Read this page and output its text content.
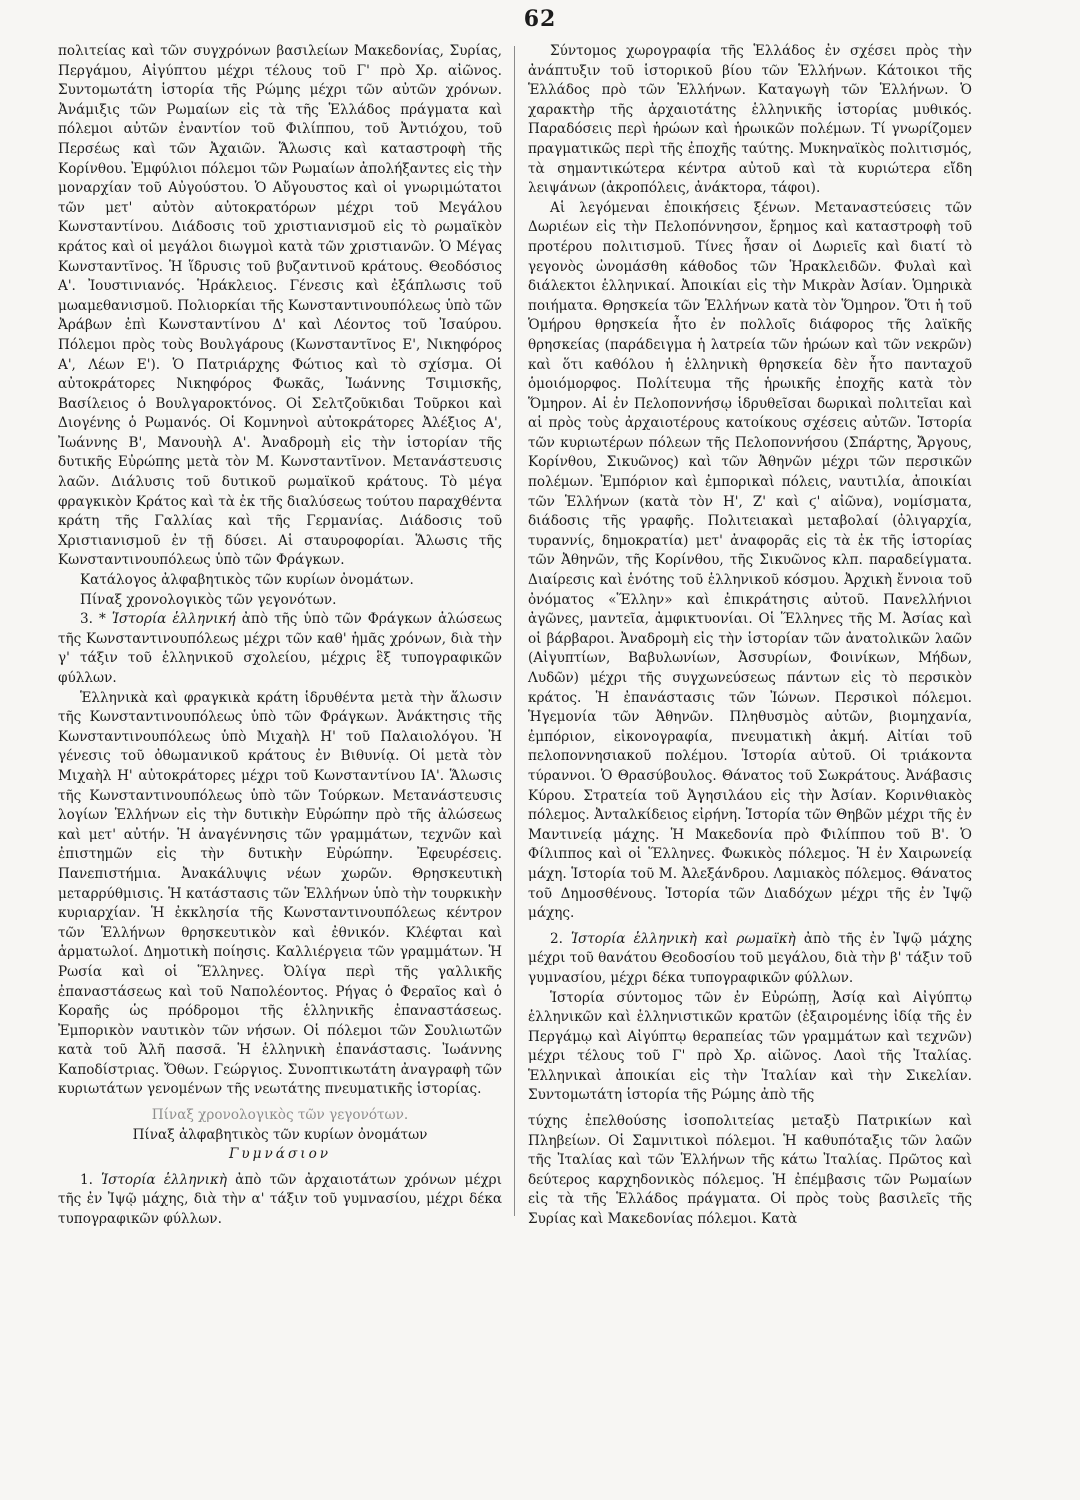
62

πολιτείας καὶ τῶν συγχρόνων βασιλείων Μακεδονίας, Συρίας, Περγάμου, Αἰγύπτου μέχρι τέλους τοῦ Γ' πρὸ Χρ. αἰῶνος. Συντομωτάτη ἱστορία τῆς Ρώμης μέχρι τῶν αὐτῶν χρόνων. Ἀνάμιξις τῶν Ρωμαίων εἰς τὰ τῆς Ἑλλάδος πράγματα καὶ πόλεμοι αὐτῶν ἐναντίον τοῦ Φιλίππου, τοῦ Ἀντιόχου, τοῦ Περσέως καὶ τῶν Ἀχαιῶν. Ἅλωσις καὶ καταστροφὴ τῆς Κορίνθου. Ἐμφύλιοι πόλεμοι τῶν Ρωμαίων ἀπολήξαντες εἰς τὴν μοναρχίαν τοῦ Αὐγούστου. Ὁ Αὔγουστος καὶ οἱ γνωριμώτατοι τῶν μετ' αὐτὸν αὐτοκρατόρων μέχρι τοῦ Μεγάλου Κωνσταντίνου. Διάδοσις τοῦ χριστιανισμοῦ εἰς τὸ ρωμαϊκὸν κράτος καὶ οἱ μεγάλοι διωγμοὶ κατὰ τῶν χριστιανῶν. Ὁ Μέγας Κωνσταντῖνος. Ἡ ἵδρυσις τοῦ βυζαντινοῦ κράτους. Θεοδόσιος Α'. Ἰουστινιανός. Ἡράκλειος. Γένεσις καὶ ἐξάπλωσις τοῦ μωαμεθανισμοῦ. Πολιορκίαι τῆς Κωνσταντινουπόλεως ὑπὸ τῶν Ἀράβων ἐπὶ Κωνσταντίνου Δ' καὶ Λέοντος τοῦ Ἰσαύρου. Πόλεμοι πρὸς τοὺς Βουλγάρους (Κωνσταντῖνος Ε', Νικηφόρος Α', Λέων Ε'). Ὁ Πατριάρχης Φώτιος καὶ τὸ σχίσμα. Οἱ αὐτοκράτορες Νικηφόρος Φωκᾶς, Ἰωάννης Τσιμισκῆς, Βασίλειος ὁ Βουλγαροκτόνος. Οἱ Σελτζοῦκιδαι Τοῦρκοι καὶ Διογένης ὁ Ρωμανός. Οἱ Κομνηνοὶ αὐτοκράτορες Ἀλέξιος Α', Ἰωάννης Β', Μανουὴλ Α'. Ἀναδρομὴ εἰς τὴν ἱστορίαν τῆς δυτικῆς Εὐρώπης μετὰ τὸν Μ. Κωνσταντῖνον. Μετανάστευσις λαῶν. Διάλυσις τοῦ δυτικοῦ ρωμαϊκοῦ κράτους. Τὸ μέγα φραγκικὸν Κράτος καὶ τὰ ἐκ τῆς διαλύσεως τούτου παραχθέντα κράτη τῆς Γαλλίας καὶ τῆς Γερμανίας. Διάδοσις τοῦ Χριστιανισμοῦ ἐν τῇ δύσει. Αἱ σταυροφορίαι. Ἅλωσις τῆς Κωνσταντινουπόλεως ὑπὸ τῶν Φράγκων.

Κατάλογος ἀλφαβητικὸς τῶν κυρίων ὀνομάτων.

Πίναξ χρονολογικὸς τῶν γεγονότων.

3. * Ἱστορία ἑλληνική ἀπὸ τῆς ὑπὸ τῶν Φράγκων ἁλώσεως τῆς Κωνσταντινουπόλεως μέχρι τῶν καθ' ἡμᾶς χρόνων, διὰ τὴν γ' τάξιν τοῦ ἑλληνικοῦ σχολείου, μέχρις ἓξ τυπογραφικῶν φύλλων.

Ἑλληνικὰ καὶ φραγκικὰ κράτη ἱδρυθέντα μετὰ τὴν ἅλωσιν τῆς Κωνσταντινουπόλεως ὑπὸ τῶν Φράγκων. Ἀνάκτησις τῆς Κωνσταντινουπόλεως ὑπὸ Μιχαὴλ Η' τοῦ Παλαιολόγου. Ἡ γένεσις τοῦ ὀθωμανικοῦ κράτους ἐν Βιθυνίᾳ. Οἱ μετὰ τὸν Μιχαὴλ Η' αὐτοκράτορες μέχρι τοῦ Κωνσταντίνου ΙΑ'. Ἅλωσις τῆς Κωνσταντινουπόλεως ὑπὸ τῶν Τούρκων. Μετανάστευσις λογίων Ἑλλήνων εἰς τὴν δυτικὴν Εὐρώπην πρὸ τῆς ἁλώσεως καὶ μετ' αὐτήν. Ἡ ἀναγέννησις τῶν γραμμάτων, τεχνῶν καὶ ἐπιστημῶν εἰς τὴν δυτικὴν Εὐρώπην. Ἐφευρέσεις. Πανεπιστήμια. Ἀνακάλυψις νέων χωρῶν. Θρησκευτικὴ μεταρρύθμισις. Ἡ κατάστασις τῶν Ἑλλήνων ὑπὸ τὴν τουρκικὴν κυριαρχίαν. Ἡ ἐκκλησία τῆς Κωνσταντινουπόλεως κέντρον τῶν Ἑλλήνων θρησκευτικὸν καὶ ἐθνικόν. Κλέφται καὶ ἁρματωλοί. Δημοτικὴ ποίησις. Καλλιέργεια τῶν γραμμάτων. Ἡ Ρωσία καὶ οἱ Ἕλληνες. Ὀλίγα περὶ τῆς γαλλικῆς ἐπαναστάσεως καὶ τοῦ Ναπολέοντος. Ρήγας ὁ Φεραῖος καὶ ὁ Κοραῆς ὡς πρόδρομοι τῆς ἑλληνικῆς ἐπαναστάσεως. Ἐμπορικὸν ναυτικὸν τῶν νήσων. Οἱ πόλεμοι τῶν Σουλιωτῶν κατὰ τοῦ Ἀλῆ πασσᾶ. Ἡ ἑλληνικὴ ἐπανάστασις. Ἰωάννης Καποδίστριας. Ὄθων. Γεώργιος. Συνοπτικωτάτη ἀναγραφὴ τῶν κυριωτάτων γενομένων τῆς νεωτάτης πνευματικῆς ἱστορίας.

Πίναξ χρονολογικὸς τῶν γεγονότων.

Πίναξ ἀλφαβητικὸς τῶν κυρίων ὀνομάτων

Γυμνάσιον

1. Ἱστορία ἑλληνικὴ ἀπὸ τῶν ἀρχαιοτάτων χρόνων μέχρι τῆς ἐν Ἰψῷ μάχης, διὰ τὴν α' τάξιν τοῦ γυμνασίου, μέχρι δέκα τυπογραφικῶν φύλλων.

Σύντομος χωρογραφία τῆς Ἑλλάδος ἐν σχέσει πρὸς τὴν ἀνάπτυξιν τοῦ ἱστορικοῦ βίου τῶν Ἑλλήνων. Κάτοικοι τῆς Ἑλλάδος πρὸ τῶν Ἑλλήνων. Καταγωγὴ τῶν Ἑλλήνων. Ὁ χαρακτὴρ τῆς ἀρχαιοτάτης ἑλληνικῆς ἱστορίας μυθικός. Παραδόσεις περὶ ἡρώων καὶ ἡρωικῶν πολέμων. Τί γνωρίζομεν πραγματικῶς περὶ τῆς ἐποχῆς ταύτης. Μυκηναϊκὸς πολιτισμός, τὰ σημαντικώτερα κέντρα αὐτοῦ καὶ τὰ κυριώτερα εἴδη λειψάνων (ἀκροπόλεις, ἀνάκτορα, τάφοι).

Αἱ λεγόμεναι ἐποικήσεις ξένων. Μεταναστεύσεις τῶν Δωριέων εἰς τὴν Πελοπόννησον, ἔρημος καὶ καταστροφὴ τοῦ προτέρου πολιτισμοῦ. Τίνες ἦσαν οἱ Δωριεῖς καὶ διατί τὸ γεγονὸς ὠνομάσθη κάθοδος τῶν Ἡρακλειδῶν. Φυλαὶ καὶ διάλεκτοι ἑλληνικαί. Ἀποικίαι εἰς τὴν Μικρὰν Ἀσίαν. Ὁμηρικὰ ποιήματα. Θρησκεία τῶν Ἑλλήνων κατὰ τὸν Ὅμηρον. Ὅτι ἡ τοῦ Ὁμήρου θρησκεία ἦτο ἐν πολλοῖς διάφορος τῆς λαϊκῆς θρησκείας (παράδειγμα ἡ λατρεία τῶν ἡρώων καὶ τῶν νεκρῶν) καὶ ὅτι καθόλου ἡ ἑλληνικὴ θρησκεία δὲν ἦτο πανταχοῦ ὁμοιόμορφος. Πολίτευμα τῆς ἡρωικῆς ἐποχῆς κατὰ τὸν Ὅμηρον. Αἱ ἐν Πελοποννήσῳ ἱδρυθεῖσαι δωρικαὶ πολιτεῖαι καὶ αἱ πρὸς τοὺς ἀρχαιοτέρους κατοίκους σχέσεις αὐτῶν. Ἱστορία τῶν κυριωτέρων πόλεων τῆς Πελοποννήσου (Σπάρτης, Ἄργους, Κορίνθου, Σικυῶνος) καὶ τῶν Ἀθηνῶν μέχρι τῶν περσικῶν πολέμων. Ἐμπόριον καὶ ἐμπορικαὶ πόλεις, ναυτιλία, ἀποικίαι τῶν Ἑλλήνων (κατὰ τὸν Η', Ζ' καὶ ϛ' αἰῶνα), νομίσματα, διάδοσις τῆς γραφῆς. Πολιτειακαὶ μεταβολαί (ὀλιγαρχία, τυραννίς, δημοκρατία) μετ' ἀναφορᾶς εἰς τὰ ἐκ τῆς ἱστορίας τῶν Ἀθηνῶν, τῆς Κορίνθου, τῆς Σικυῶνος κλπ. παραδείγματα. Διαίρεσις καὶ ἑνότης τοῦ ἑλληνικοῦ κόσμου. Ἀρχικὴ ἔννοια τοῦ ὀνόματος «Ἕλλην» καὶ ἐπικράτησις αὐτοῦ. Πανελλήνιοι ἀγῶνες, μαντεῖα, ἀμφικτυονίαι. Οἱ Ἕλληνες τῆς Μ. Ἀσίας καὶ οἱ βάρβαροι. Ἀναδρομὴ εἰς τὴν ἱστορίαν τῶν ἀνατολικῶν λαῶν (Αἰγυπτίων, Βαβυλωνίων, Ἀσσυρίων, Φοινίκων, Μήδων, Λυδῶν) μέχρι τῆς συγχωνεύσεως πάντων εἰς τὸ περσικὸν κράτος. Ἡ ἐπανάστασις τῶν Ἰώνων. Περσικοὶ πόλεμοι. Ἡγεμονία τῶν Ἀθηνῶν. Πληθυσμὸς αὐτῶν, βιομηχανία, ἐμπόριον, εἰκονογραφία, πνευματικὴ ἀκμή. Αἰτίαι τοῦ πελοποννησιακοῦ πολέμου. Ἱστορία αὐτοῦ. Οἱ τριάκοντα τύραννοι. Ὁ Θρασύβουλος. Θάνατος τοῦ Σωκράτους. Ἀνάβασις Κύρου. Στρατεία τοῦ Ἀγησιλάου εἰς τὴν Ἀσίαν. Κορινθιακὸς πόλεμος. Ἀνταλκίδειος εἰρήνη. Ἱστορία τῶν Θηβῶν μέχρι τῆς ἐν Μαντινείᾳ μάχης. Ἡ Μακεδονία πρὸ Φιλίππου τοῦ Β'. Ὁ Φίλιππος καὶ οἱ Ἕλληνες. Φωκικὸς πόλεμος. Ἡ ἐν Χαιρωνείᾳ μάχη. Ἱστορία τοῦ Μ. Ἀλεξάνδρου. Λαμιακὸς πόλεμος. Θάνατος τοῦ Δημοσθένους. Ἱστορία τῶν Διαδόχων μέχρι τῆς ἐν Ἰψῷ μάχης.

2. Ἱστορία ἑλληνικὴ καὶ ρωμαϊκὴ ἀπὸ τῆς ἐν Ἰψῷ μάχης μέχρι τοῦ θανάτου Θεοδοσίου τοῦ μεγάλου, διὰ τὴν β' τάξιν τοῦ γυμνασίου, μέχρι δέκα τυπογραφικῶν φύλλων.

Ἱστορία σύντομος τῶν ἐν Εὐρώπῃ, Ἀσίᾳ καὶ Αἰγύπτῳ ἑλληνικῶν καὶ ἑλληνιστικῶν κρατῶν (ἐξαιρομένης ἰδίᾳ τῆς ἐν Περγάμῳ καὶ Αἰγύπτῳ θεραπείας τῶν γραμμάτων καὶ τεχνῶν) μέχρι τέλους τοῦ Γ' πρὸ Χρ. αἰῶνος. Λαοὶ τῆς Ἰταλίας. Ἑλληνικαὶ ἀποικίαι εἰς τὴν Ἰταλίαν καὶ τὴν Σικελίαν. Συντομωτάτη ἱστορία τῆς Ρώμης ἀπὸ τῆς

τύχης ἐπελθούσης ἰσοπολιτείας μεταξὺ Πατρικίων καὶ Πληβείων. Οἱ Σαμνιτικοὶ πόλεμοι. Ἡ καθυπόταξις τῶν λαῶν τῆς Ἰταλίας καὶ τῶν Ἑλλήνων τῆς κάτω Ἰταλίας. Πρῶτος καὶ δεύτερος καρχηδονικὸς πόλεμος. Ἡ ἐπέμβασις τῶν Ρωμαίων εἰς τὰ τῆς Ἑλλάδος πράγματα. Οἱ πρὸς τοὺς βασιλεῖς τῆς Συρίας καὶ Μακεδονίας πόλεμοι. Κατὰ
